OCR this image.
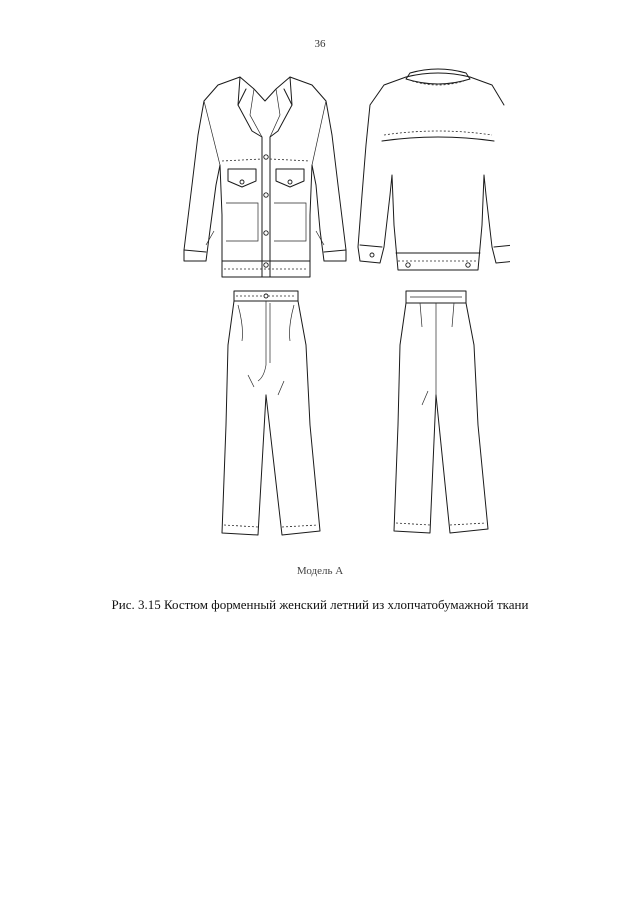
36
Модель А
Рис. 3.15 Костюм форменный женский летний из хлопчатобумажной ткани
